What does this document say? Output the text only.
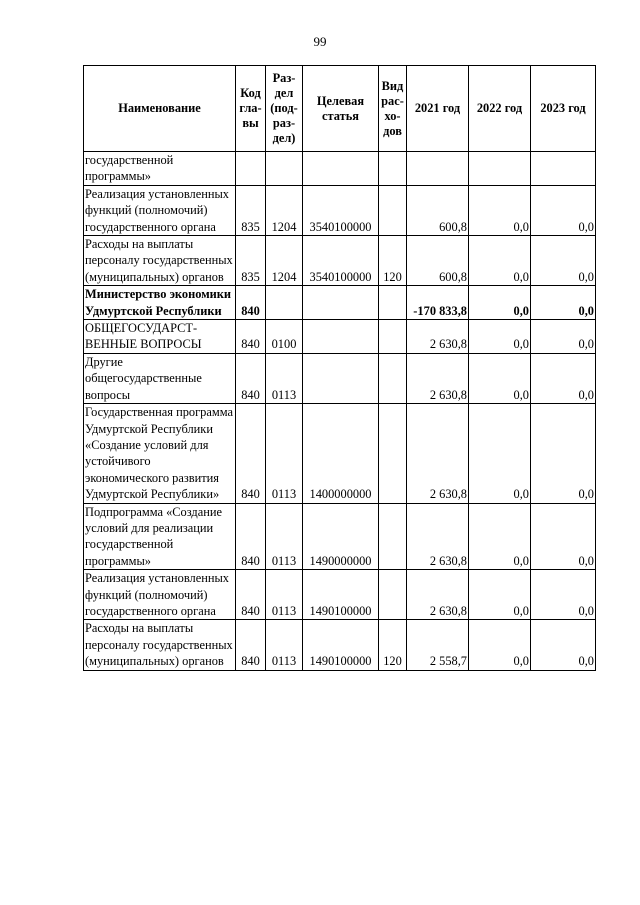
99
Наименование	Код гла- вы	Раз- дел (под- раз- дел)	Целевая статья	Вид рас- хо- дов	2021 год	2022 год	2023 год
государственной программы»							
Реализация установленных функций (полномочий) государственного органа	835	1204	3540100000		600,8	0,0	0,0
Расходы на выплаты персоналу государственных (муниципальных) органов	835	1204	3540100000	120	600,8	0,0	0,0
Министерство экономики Удмуртской Республики	840				-170 833,8	0,0	0,0
ОБЩЕГОСУДАРСТ- ВЕННЫЕ ВОПРОСЫ	840	0100			2 630,8	0,0	0,0
Другие общегосударственные вопросы	840	0113			2 630,8	0,0	0,0
Государственная программа Удмуртской Республики «Создание условий для устойчивого экономического развития Удмуртской Республики»	840	0113	1400000000		2 630,8	0,0	0,0
Подпрограмма «Создание условий для реализации государственной программы»	840	0113	1490000000		2 630,8	0,0	0,0
Реализация установленных функций (полномочий) государственного органа	840	0113	1490100000		2 630,8	0,0	0,0
Расходы на выплаты персоналу государственных (муниципальных) органов	840	0113	1490100000	120	2 558,7	0,0	0,0
